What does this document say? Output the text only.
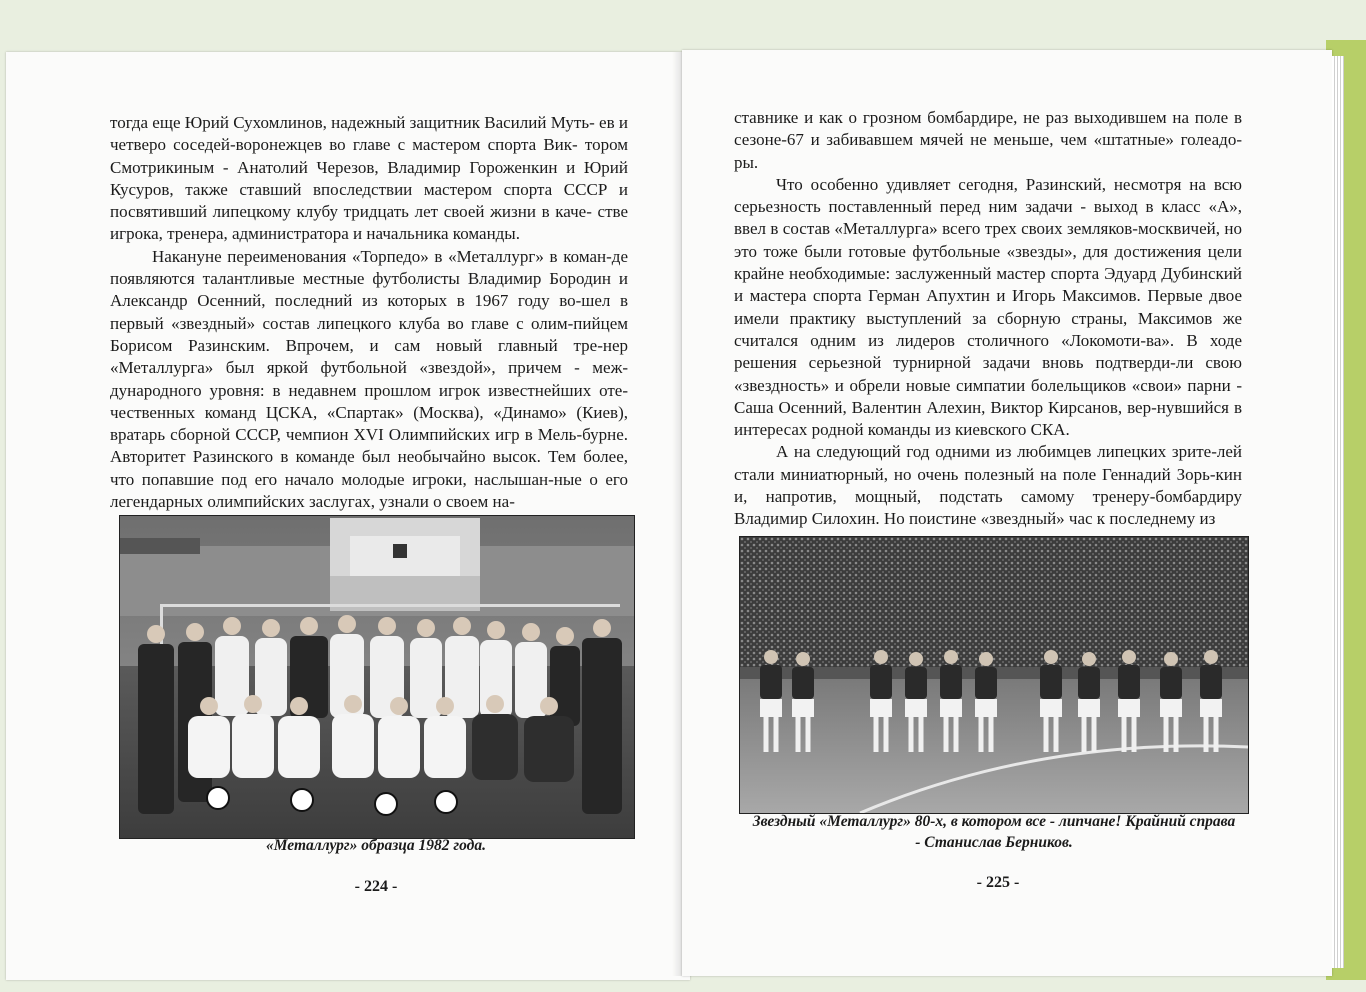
тогда еще Юрий Сухомлинов, надежный защитник Василий Муть- ев и четверо соседей-воронежцев во главе с мастером спорта Вик- тором Смотрикиным - Анатолий Черезов, Владимир Гороженкин и Юрий Кусуров, также ставший впоследствии мастером спорта СССР и посвятивший липецкому клубу тридцать лет своей жизни в каче- стве игрока, тренера, администратора и начальника команды.

Накануне переименования «Торпедо» в «Металлург» в коман-де появляются талантливые местные футболисты Владимир Бородин и Александр Осенний, последний из которых в 1967 году во-шел в первый «звездный» состав липецкого клуба во главе с олим-пийцем Борисом Разинским. Впрочем, и сам новый главный тре-нер «Металлурга» был яркой футбольной «звездой», причем - меж-дународного уровня: в недавнем прошлом игрок известнейших оте-чественных команд ЦСКА, «Спартак» (Москва), «Динамо» (Киев), вратарь сборной СССР, чемпион XVI Олимпийских игр в Мель-бурне. Авторитет Разинского в команде был необычайно высок. Тем более, что попавшие под его начало молодые игроки, наслышан-ные о его легендарных олимпийских заслугах, узнали о своем на-

«Металлург» образца 1982 года.
- 224 -

ставнике и как о грозном бомбардире, не раз выходившем на поле в сезоне-67 и забивавшем мячей не меньше, чем «штатные» голеадо-ры.

Что особенно удивляет сегодня, Разинский, несмотря на всю серьезность поставленный перед ним задачи - выход в класс «А», ввел в состав «Металлурга» всего трех своих земляков-москвичей, но это тоже были готовые футбольные «звезды», для достижения цели крайне необходимые: заслуженный мастер спорта Эдуард Дубинский и мастера спорта Герман Апухтин и Игорь Максимов. Первые двое имели практику выступлений за сборную страны, Максимов же считался одним из лидеров столичного «Локомоти-ва». В ходе решения серьезной турнирной задачи вновь подтверди-ли свою «звездность» и обрели новые симпатии болельщиков «свои» парни - Саша Осенний, Валентин Алехин, Виктор Кирсанов, вер-нувшийся в интересах родной команды из киевского СКА.

А на следующий год одними из любимцев липецких зрите-лей стали миниатюрный, но очень полезный на поле Геннадий Зорь-кин и, напротив, мощный, подстать самому тренеру-бомбардиру Владимир Силохин. Но поистине «звездный» час к последнему из

Звездный «Металлург» 80-х, в котором все - липчане! Крайний справа
- Станислав Берников.
- 225 -
